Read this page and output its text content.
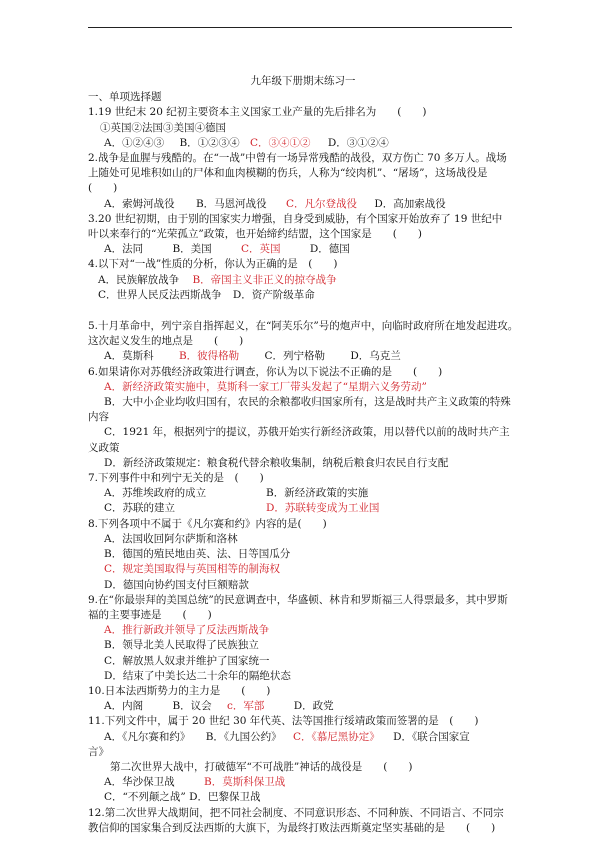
九年级下册期末练习一
一、单项选择题
1.19 世纪末 20 纪初主要资本主义国家工业产量的先后排名为　　(　　)
①英国②法国③美国④德国
A．①②④③ B．①②③④ C．③④①② D．③①②④
2.战争是血腥与残酷的。在“一战”中曾有一场异常残酷的战役，双方伤亡 70 多万人。战场
上随处可见堆积如山的尸体和血肉模糊的伤兵，人称为“绞肉机”、“屠场”，这场战役是
(　　)
A．索姆河战役 B．马恩河战役 C．凡尔登战役 D．高加索战役
3.20 世纪初期，由于别的国家实力增强，自身受到威胁，有个国家开始放弃了 19 世纪中
叶以来奉行的“光荣孤立”政策，也开始缔约结盟，这个国家是　　(　　)
A．法同	B．美国	C．英国	D．德国
4.以下对“一战”性质的分析，你认为正确的是　(　　)
A．民族解放战争 B．帝国主义非正义的掠夺战争
C．世界人民反法西斯战争 D．资产阶级革命
5.十月革命中，列宁亲自指挥起义，在“阿芙乐尔”号的炮声中，向临时政府所在地发起进攻。
这次起义发生的地点是　　(　　)
A．莫斯科 B．彼得格勒 C．列宁格勒 D．乌克兰
6.如果请你对苏俄经济政策进行调查，你认为以下说法不正确的是　　(　　)
A．新经济政策实施中，莫斯科一家工厂带头发起了“星期六义务劳动”
B．大中小企业均收归国有，农民的余粮都收归国家所有，这是战时共产主义政策的特殊
内容
C．1921 年，根据列宁的提议，苏俄开始实行新经济政策，用以替代以前的战时共产主
义政策
D．新经济政策规定：粮食税代替余粮收集制，纳税后粮食归农民自行支配
7.下列事件中和列宁无关的是　(　　)
A．苏维埃政府的成立	B．新经济政策的实施
C．苏联的建立	D．苏联转变成为工业国
8.下列各项中不属于《凡尔赛和约》内容的是(　　)
A．法国收回阿尔萨斯和洛林
B．德国的殖民地由英、法、日等国瓜分
C．规定美国取得与英国相等的制海权
D．德国向协约国支付巨额赔款
9.在“你最崇拜的美国总统”的民意调查中，华盛顿、林肯和罗斯福三人得票最多，其中罗斯
福的主要事迹是　　(　　)
A．推行新政并领导了反法西斯战争
B．领导北美人民取得了民族独立
C．解放黑人奴隶并维护了国家统一
D．结束了中美长达二十余年的隔绝状态
10.日本法西斯势力的主力是　　(　　)
A．内阁	B．议会 c．军部	D．政党
11.下列文件中，属于 20 世纪 30 年代英、法等国推行绥靖政策而签署的是　(　　)
A．《凡尔赛和约》 B．《九国公约》 C．《慕尼黑协定》 D．《联合国家宣
言》
第二次世界大战中，打破德军“不可战胜”神话的战役是　　(　　)
A．华沙保卫战	B．莫斯科保卫战
C．“不列颠之战” D．巴黎保卫战
12.第二次世界大战期间，把不同社会制度、不同意识形态、不同种族、不同语言、不同宗
教信仰的国家集合到反法西斯的大旗下，为最终打败法西斯奠定坚实基础的是　　(　　)
